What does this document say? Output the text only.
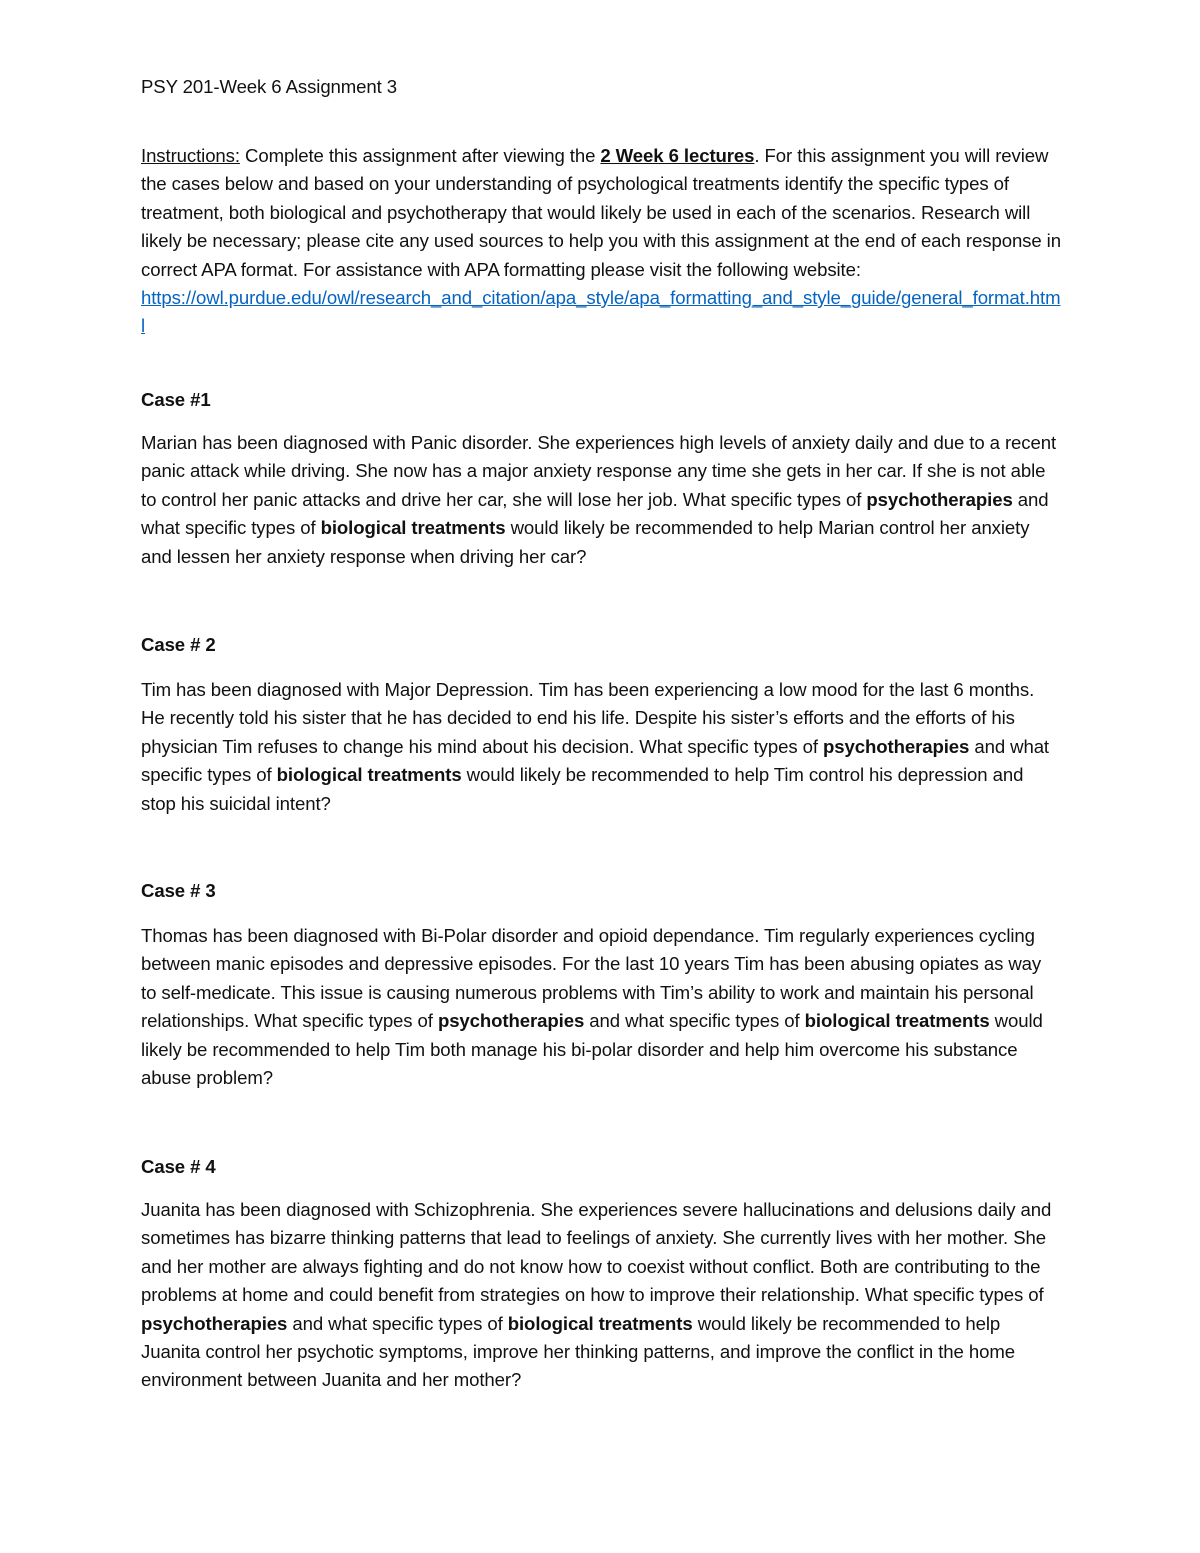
PSY 201-Week 6 Assignment 3
Instructions: Complete this assignment after viewing the 2 Week 6 lectures. For this assignment you will review the cases below and based on your understanding of psychological treatments identify the specific types of treatment, both biological and psychotherapy that would likely be used in each of the scenarios. Research will likely be necessary; please cite any used sources to help you with this assignment at the end of each response in correct APA format. For assistance with APA formatting please visit the following website:
https://owl.purdue.edu/owl/research_and_citation/apa_style/apa_formatting_and_style_guide/general_format.html
Case #1
Marian has been diagnosed with Panic disorder. She experiences high levels of anxiety daily and due to a recent panic attack while driving. She now has a major anxiety response any time she gets in her car. If she is not able to control her panic attacks and drive her car, she will lose her job. What specific types of psychotherapies and what specific types of biological treatments would likely be recommended to help Marian control her anxiety and lessen her anxiety response when driving her car?
Case # 2
Tim has been diagnosed with Major Depression. Tim has been experiencing a low mood for the last 6 months. He recently told his sister that he has decided to end his life. Despite his sister’s efforts and the efforts of his physician Tim refuses to change his mind about his decision. What specific types of psychotherapies and what specific types of biological treatments would likely be recommended to help Tim control his depression and stop his suicidal intent?
Case # 3
Thomas has been diagnosed with Bi-Polar disorder and opioid dependance. Tim regularly experiences cycling between manic episodes and depressive episodes. For the last 10 years Tim has been abusing opiates as way to self-medicate. This issue is causing numerous problems with Tim’s ability to work and maintain his personal relationships. What specific types of psychotherapies and what specific types of biological treatments would likely be recommended to help Tim both manage his bi-polar disorder and help him overcome his substance abuse problem?
Case # 4
Juanita has been diagnosed with Schizophrenia. She experiences severe hallucinations and delusions daily and sometimes has bizarre thinking patterns that lead to feelings of anxiety. She currently lives with her mother. She and her mother are always fighting and do not know how to coexist without conflict. Both are contributing to the problems at home and could benefit from strategies on how to improve their relationship. What specific types of psychotherapies and what specific types of biological treatments would likely be recommended to help Juanita control her psychotic symptoms, improve her thinking patterns, and improve the conflict in the home environment between Juanita and her mother?
